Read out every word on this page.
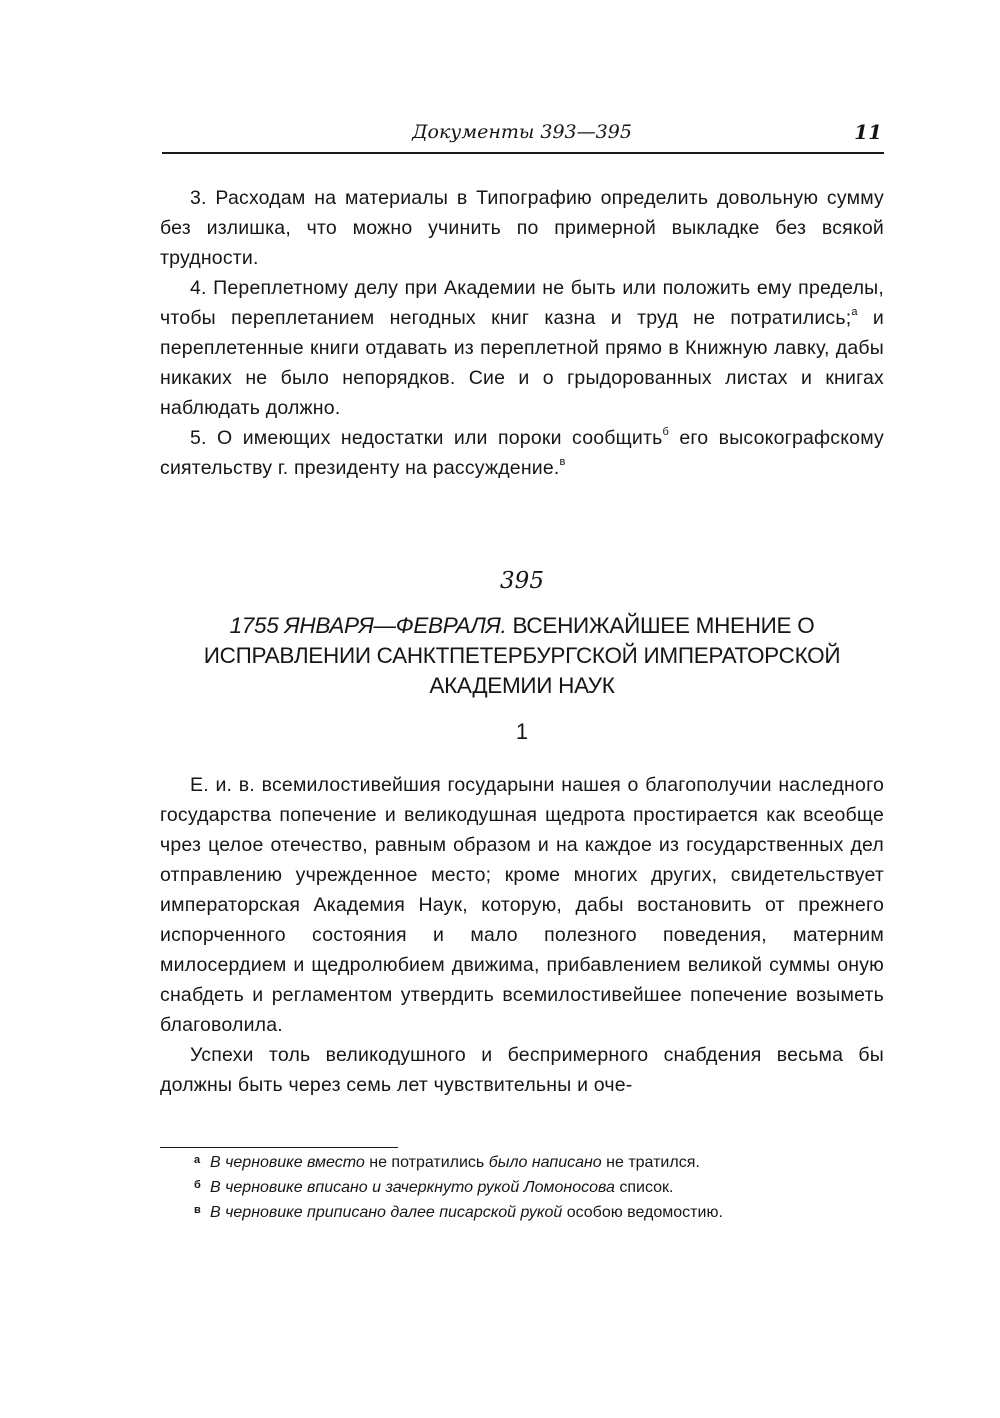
Документы 393—395	11

3. Расходам на материалы в Типографию определить довольную сумму без излишка, что можно учинить по примерной выкладке без всякой трудности.

4. Переплетному делу при Академии не быть или положить ему пределы, чтобы переплетанием негодных книг казна и труд не потратились;$^а$ и переплетенные книги отдавать из переплетной прямо в Книжную лавку, дабы никаких не было непорядков. Сие и о грыдорованных листах и книгах наблюдать должно.

5. О имеющих недостатки или пороки сообщить$^б$ его высокографскому сиятельству г. президенту на рассуждение.$^в$

395
1755 ЯНВАРЯ—ФЕВРАЛЯ. ВСЕНИЖАЙШЕЕ МНЕНИЕ О ИСПРАВЛЕНИИ САНКТПЕТЕРБУРГСКОЙ ИМПЕРАТОРСКОЙ АКАДЕМИИ НАУК
1

Е. и. в. всемилостивейшия государыни нашея о благополучии наследного государства попечение и великодушная щедрота простирается как всеобще чрез целое отечество, равным образом и на каждое из государственных дел отправлению учрежденное место; кроме многих других, свидетельствует императорская Академия Наук, которую, дабы востановить от прежнего испорченного состояния и мало полезного поведения, матерним милосердием и щедролюбием движима, прибавлением великой суммы оную снабдеть и регламентом утвердить всемилостивейшее попечение возыметь благоволила.

Успехи толь великодушного и беспримерного снабдения весьма бы должны быть через семь лет чувствительны и оче-

а В черновике вместо не потратились было написано не тратился.

б В черновике вписано и зачеркнуто рукой Ломоносова список.

в В черновике приписано далее писарской рукой особою ведомостию.
